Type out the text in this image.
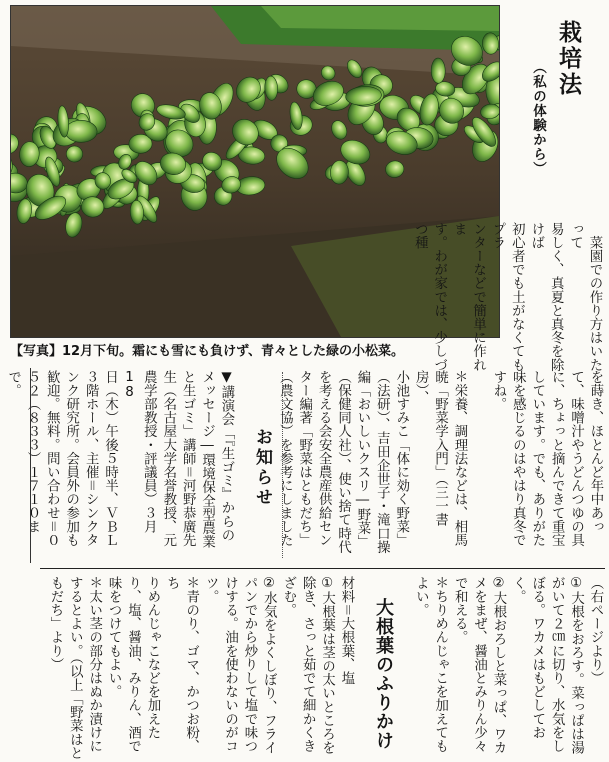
【写真】12月下旬。霜にも雪にも負けず、青々とした緑の小松菜。
栽培法
（私の体験から）
　菜園での作り方はいたって
易しく、真夏と真冬を除けば
初心者でも土がなくてもプラ
ンターなどで簡単に作れま
す。わが家では、少しづつ種
を蒔き、ほとんど年中あっ
て、味噌汁やうどんつゆの具
に、ちょっと摘んできて重宝
しています。でも、ありがた
味を感じるのはやはり真冬で
すね。
＊栄養、調理法などは、相馬
暁「野菜学入門」（三一書房）、
小池すみこ「体に効く野菜」
（法研）、吉田企世子・滝口操
編「おいしいクスリ―野菜」
（保健同人社）、使い捨て時代
を考える会安全農産供給セン
ター編著「野菜はともだち」
（農文協）を参考にしました
お知らせ
▼講演会「『生ゴミ』からの
メッセージ―環境保全型農業
と生ゴミ」講師＝河野恭廣先
生（名古屋大学名誉教授、元
農学部教授・評議員）３月18
日（木）午後５時半、ＶＢＬ
３階ホール、主催＝シンクタ
ンク研究所。会員外の参加も
歓迎。無料。問い合わせ＝０
５２（８３３）１７１０まで。
（右ページより）
①大根をおろす。菜っぱは湯
がいて２㎝に切り、水気をし
ぼる。ワカメはもどしてお
く。
②大根おろしと菜っぱ、ワカ
メをまぜ、醤油とみりん少々
で和える。
＊ちりめんじゃこを加えても
よい。
大根葉のふりかけ
材料＝大根葉、塩
①大根葉は茎の太いところを
除き、さっと茹でて細かくき
ざむ。
②水気をよくしぼり、フライ
パンでから炒りして塩で味つ
けする。油を使わないのがコ
ツ。
＊青のり、ゴマ、かつお粉、ち
りめんじゃこなどを加えた
り、塩、醤油、みりん、酒で
味をつけてもよい。
＊太い茎の部分はぬか漬けに
するとよい。（以上「野菜はと
もだち」より）
